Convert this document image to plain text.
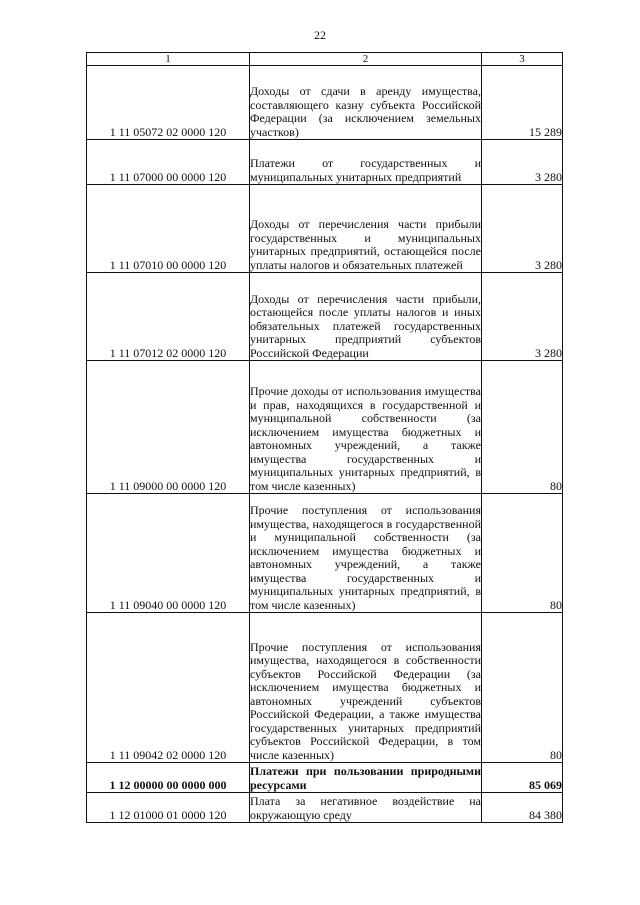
22
1	2	3
1 11 05072 02 0000 120	Доходы от сдачи в аренду имущества, составляющего казну субъекта Российской Федерации (за исключением земельных участков)	15 289
1 11 07000 00 0000 120	Платежи от государственных и муниципальных унитарных предприятий	3 280
1 11 07010 00 0000 120	Доходы от перечисления части прибыли государственных и муниципальных унитарных предприятий, остающейся после уплаты налогов и обязательных платежей	3 280
1 11 07012 02 0000 120	Доходы от перечисления части прибыли, остающейся после уплаты налогов и иных обязательных платежей государственных унитарных предприятий субъектов Российской Федерации	3 280
1 11 09000 00 0000 120	Прочие доходы от использования имущества и прав, находящихся в государственной и муниципальной собственности (за исключением имущества бюджетных и автономных учреждений, а также имущества государственных и муниципальных унитарных предприятий, в том числе казенных)	80
1 11 09040 00 0000 120	Прочие поступления от использования имущества, находящегося в государственной и муниципальной собственности (за исключением имущества бюджетных и автономных учреждений, а также имущества государственных и муниципальных унитарных предприятий, в том числе казенных)	80
1 11 09042 02 0000 120	Прочие поступления от использования имущества, находящегося в собственности субъектов Российской Федерации (за исключением имущества бюджетных и автономных учреждений субъектов Российской Федерации, а также имущества государственных унитарных предприятий субъектов Российской Федерации, в том числе казенных)	80
1 12 00000 00 0000 000	Платежи при пользовании природными ресурсами	85 069
1 12 01000 01 0000 120	Плата за негативное воздействие на окружающую среду	84 380
